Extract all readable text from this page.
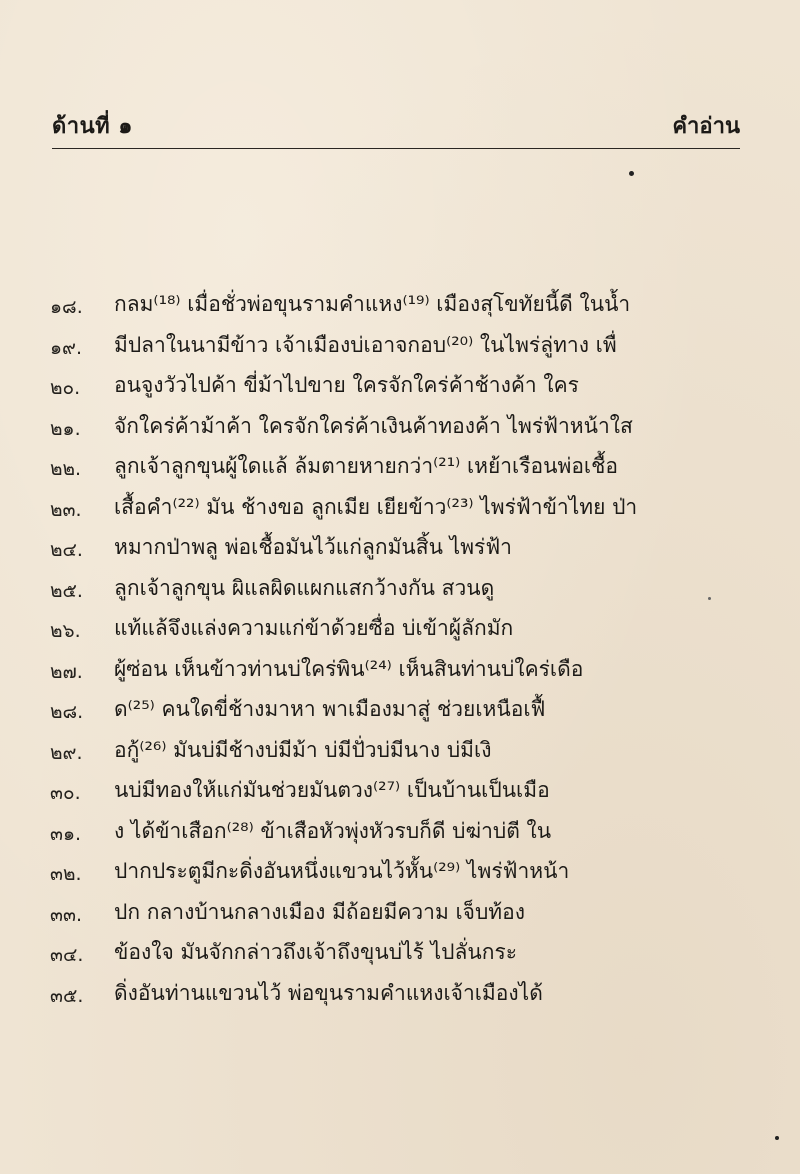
ด้านที่ ๑	คำอ่าน
๑๘.	กลม⁽¹⁸⁾ เมื่อชั่วพ่อขุนรามคำแหง⁽¹⁹⁾ เมืองสุโขทัยนี้ดี ในน้ำ
๑๙.	มีปลาในนามีข้าว เจ้าเมืองบ่เอาจกอบ⁽²⁰⁾ ในไพร่ลู่ทาง เพื่
๒๐.	อนจูงวัวไปค้า ขี่ม้าไปขาย ใครจักใคร่ค้าช้างค้า ใคร
๒๑.	จักใคร่ค้าม้าค้า ใครจักใคร่ค้าเงินค้าทองค้า ไพร่ฟ้าหน้าใส
๒๒.	ลูกเจ้าลูกขุนผู้ใดแล้ ล้มตายหายกว่า⁽²¹⁾ เหย้าเรือนพ่อเชื้อ
๒๓.	เสื้อคำ⁽²²⁾ มัน ช้างขอ ลูกเมีย เยียข้าว⁽²³⁾ ไพร่ฟ้าข้าไทย ป่า
๒๔.	หมากป่าพลู พ่อเชื้อมันไว้แก่ลูกมันสิ้น ไพร่ฟ้า
๒๕.	ลูกเจ้าลูกขุน ผิแลผิดแผกแสกว้างกัน สวนดู
๒๖.	แท้แล้จึงแล่งความแก่ข้าด้วยซื่อ บ่เข้าผู้ลักมัก
๒๗.	ผู้ซ่อน เห็นข้าวท่านบ่ใคร่พิน⁽²⁴⁾ เห็นสินท่านบ่ใคร่เดือ
๒๘.	ด⁽²⁵⁾ คนใดขี่ช้างมาหา พาเมืองมาสู่ ช่วยเหนือเฟื้
๒๙.	อกู้⁽²⁶⁾ มันบ่มีช้างบ่มีม้า บ่มีปั่วบ่มีนาง บ่มีเงิ
๓๐.	นบ่มีทองให้แก่มันช่วยมันตวง⁽²⁷⁾ เป็นบ้านเป็นเมือ
๓๑.	ง ได้ข้าเสือก⁽²⁸⁾ ข้าเสือหัวพุ่งหัวรบก็ดี บ่ฆ่าบ่ตี ใน
๓๒.	ปากประตูมีกะดิ่งอันหนึ่งแขวนไว้หั้น⁽²⁹⁾ ไพร่ฟ้าหน้า
๓๓.	ปก กลางบ้านกลางเมือง มีถ้อยมีความ เจ็บท้อง
๓๔.	ข้องใจ มันจักกล่าวถึงเจ้าถึงขุนบ่ไร้ ไปลั่นกระ
๓๕.	ดิ่งอันท่านแขวนไว้ พ่อขุนรามคำแหงเจ้าเมืองได้
